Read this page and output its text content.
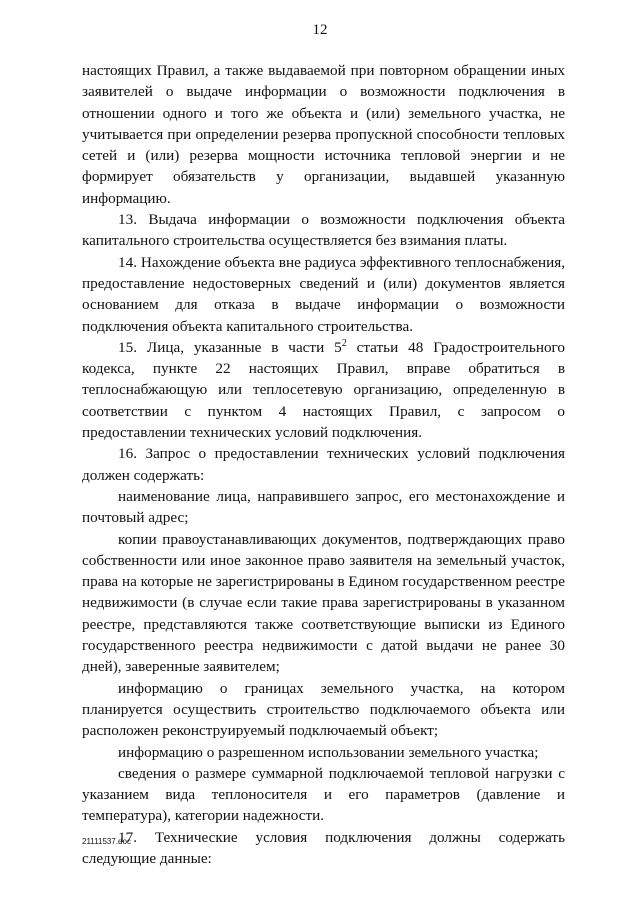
12

настоящих Правил, а также выдаваемой при повторном обращении иных заявителей о выдаче информации о возможности подключения в отношении одного и того же объекта и (или) земельного участка, не учитывается при определении резерва пропускной способности тепловых сетей и (или) резерва мощности источника тепловой энергии и не формирует обязательств у организации, выдавшей указанную информацию.

13. Выдача информации о возможности подключения объекта капитального строительства осуществляется без взимания платы.

14. Нахождение объекта вне радиуса эффективного теплоснабжения, предоставление недостоверных сведений и (или) документов является основанием для отказа в выдаче информации о возможности подключения объекта капитального строительства.

15. Лица, указанные в части $5^2$ статьи 48 Градостроительного кодекса, пункте 22 настоящих Правил, вправе обратиться в теплоснабжающую или теплосетевую организацию, определенную в соответствии с пунктом 4 настоящих Правил, с запросом о предоставлении технических условий подключения.

16. Запрос о предоставлении технических условий подключения должен содержать:

наименование лица, направившего запрос, его местонахождение и почтовый адрес;

копии правоустанавливающих документов, подтверждающих право собственности или иное законное право заявителя на земельный участок, права на которые не зарегистрированы в Едином государственном реестре недвижимости (в случае если такие права зарегистрированы в указанном реестре, представляются также соответствующие выписки из Единого государственного реестра недвижимости с датой выдачи не ранее 30 дней), заверенные заявителем;

информацию о границах земельного участка, на котором планируется осуществить строительство подключаемого объекта или расположен реконструируемый подключаемый объект;

информацию о разрешенном использовании земельного участка;

сведения о размере суммарной подключаемой тепловой нагрузки с указанием вида теплоносителя и его параметров (давление и температура), категории надежности.

17. Технические условия подключения должны содержать следующие данные:

21111537.doc
